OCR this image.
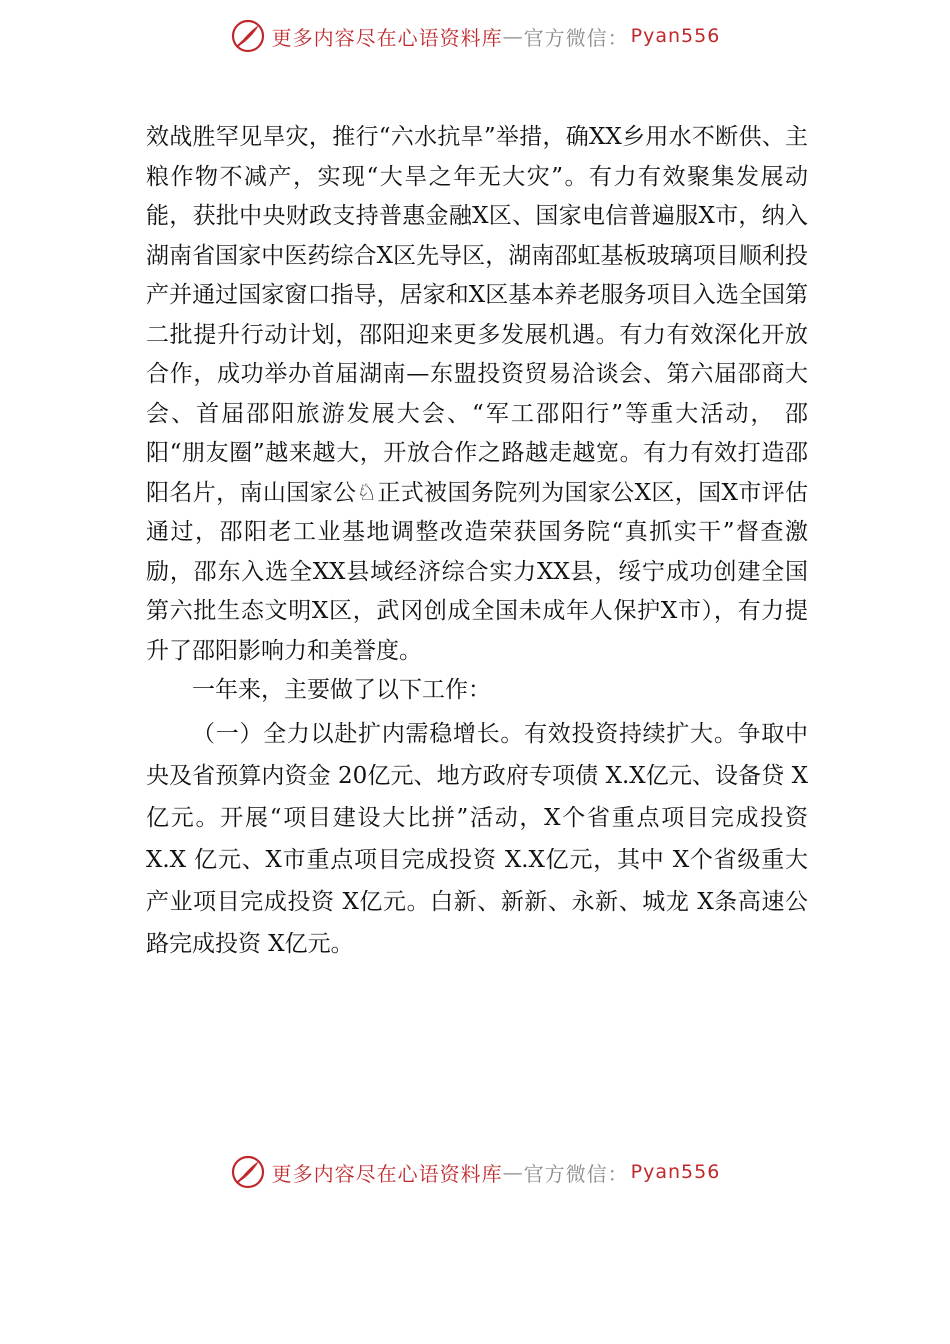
更多内容尽在心语资料库 — 官方微信： Pyan556

效战胜罕见旱灾，推行“六水抗旱”举措，确XX乡用水不断供、主粮作物不减产，实现“大旱之年无大灾”。有力有效聚集发展动能，获批中央财政支持普惠金融X区、国家电信普遍服X市，纳入湖南省国家中医药综合X区先导区，湖南邵虹基板玻璃项目顺利投产并通过国家窗口指导，居家和X区基本养老服务项目入选全国第二批提升行动计划，邵阳迎来更多发展机遇。有力有效深化开放合作，成功举办首届湖南—东盟投资贸易洽谈会、第六届邵商大会、首届邵阳旅游发展大会、“军工邵阳行”等重大活动， 邵阳“朋友圈”越来越大，开放合作之路越走越宽。有力有效打造邵阳名片，南山国家公♘正式被国务院列为国家公X区，国X市评估通过，邵阳老工业基地调整改造荣获国务院“真抓实干”督查激励，邵东入选全XX县域经济综合实力XX县，绥宁成功创建全国第六批生态文明X区，武冈创成全国未成年人保护X市），有力提升了邵阳影响力和美誉度。

一年来，主要做了以下工作：

（一）全力以赴扩内需稳增长。有效投资持续扩大。争取中央及省预算内资金 20亿元、地方政府专项债 X.X亿元、设备贷 X亿元。开展“项目建设大比拼”活动，X个省重点项目完成投资 X.X 亿元、X市重点项目完成投资 X.X亿元，其中 X个省级重大产业项目完成投资 X亿元。白新、新新、永新、城龙 X条高速公路完成投资 X亿元。

更多内容尽在心语资料库 — 官方微信： Pyan556
